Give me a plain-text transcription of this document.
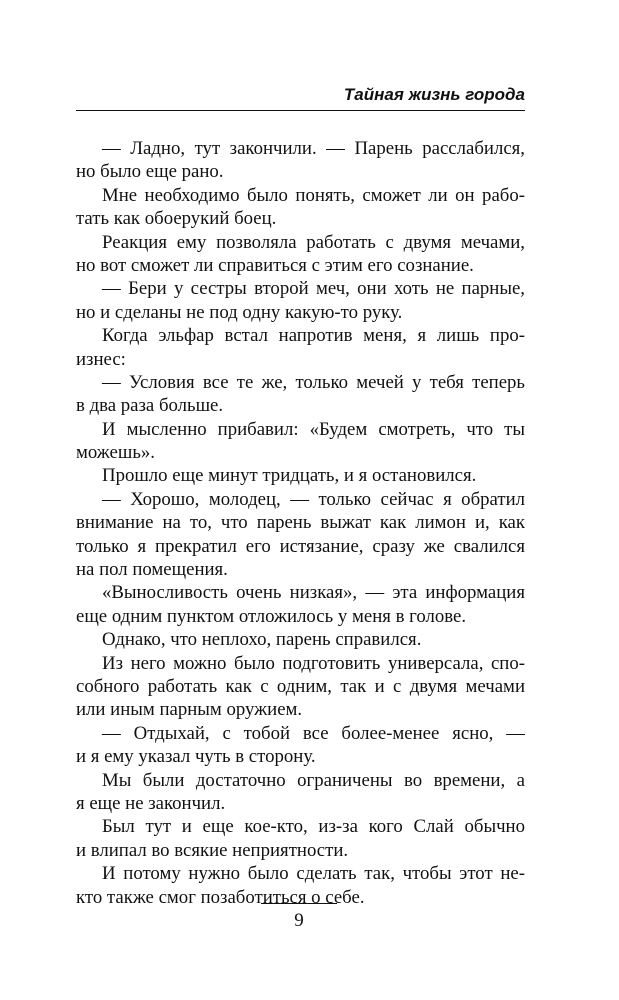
Тайная жизнь города
— Ладно, тут закончили. — Парень расслабился,
но было еще рано.
Мне необходимо было понять, сможет ли он рабо-
тать как обоерукий боец.
Реакция ему позволяла работать с двумя мечами,
но вот сможет ли справиться с этим его сознание.
— Бери у сестры второй меч, они хоть не парные,
но и сделаны не под одну какую-то руку.
Когда эльфар встал напротив меня, я лишь про-
изнес:
— Условия все те же, только мечей у тебя теперь
в два раза больше.
И мысленно прибавил: «Будем смотреть, что ты
можешь».
Прошло еще минут тридцать, и я остановился.
— Хорошо, молодец, — только сейчас я обратил
внимание на то, что парень выжат как лимон и, как
только я прекратил его истязание, сразу же свалился
на пол помещения.
«Выносливость очень низкая», — эта информация
еще одним пунктом отложилось у меня в голове.
Однако, что неплохо, парень справился.
Из него можно было подготовить универсала, спо-
собного работать как с одним, так и с двумя мечами
или иным парным оружием.
— Отдыхай, с тобой все более-менее ясно, —
и я ему указал чуть в сторону.
Мы были достаточно ограничены во времени, а
я еще не закончил.
Был тут и еще кое-кто, из-за кого Слай обычно
и влипал во всякие неприятности.
И потому нужно было сделать так, чтобы этот не-
кто также смог позаботиться о себе.
9
